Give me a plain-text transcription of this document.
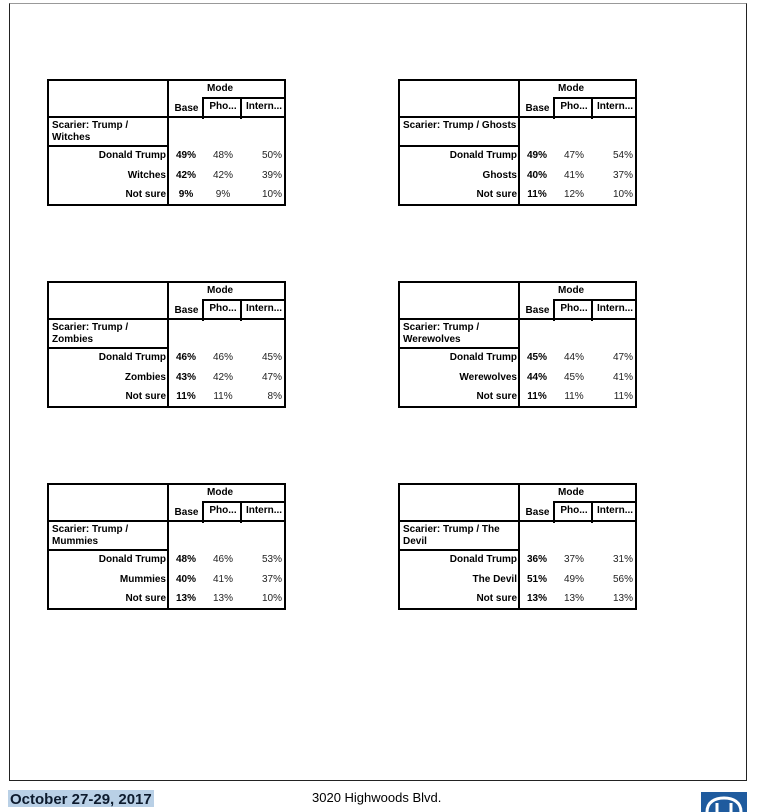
Mode
Base	Pho... Intern...
Scarier: Trump / Witches
Donald Trump 49%	48%	50%
Witches 42%	42%	39%
Not sure	9%	9%	10%
Mode
Base	Pho... Intern...
Scarier: Trump / Ghosts
Donald Trump 49%	47%	54%
Ghosts 40%	41%	37%
Not sure	11%	12%	10%
Mode
Base	Pho... Intern...
Scarier: Trump / Zombies
Donald Trump 46%	46%	45%
Zombies 43%	42%	47%
Not sure	11%	11%	8%
Mode
Base	Pho... Intern...
Scarier: Trump / Werewolves
Donald Trump 45%	44%	47%
Werewolves 44%	45%	41%
Not sure	11%	11%	11%
Mode
Base	Pho... Intern...
Scarier: Trump / Mummies
Donald Trump 48%	46%	53%
Mummies 40%	41%	37%
Not sure 13%	13%	10%
Mode
Base	Pho... Intern...
Scarier: Trump / The Devil
Donald Trump 36%	37%	31%
The Devil 51%	49%	56%
Not sure 13%	13%	13%
October 27-29, 2017	3020 Highwoods Blvd.
